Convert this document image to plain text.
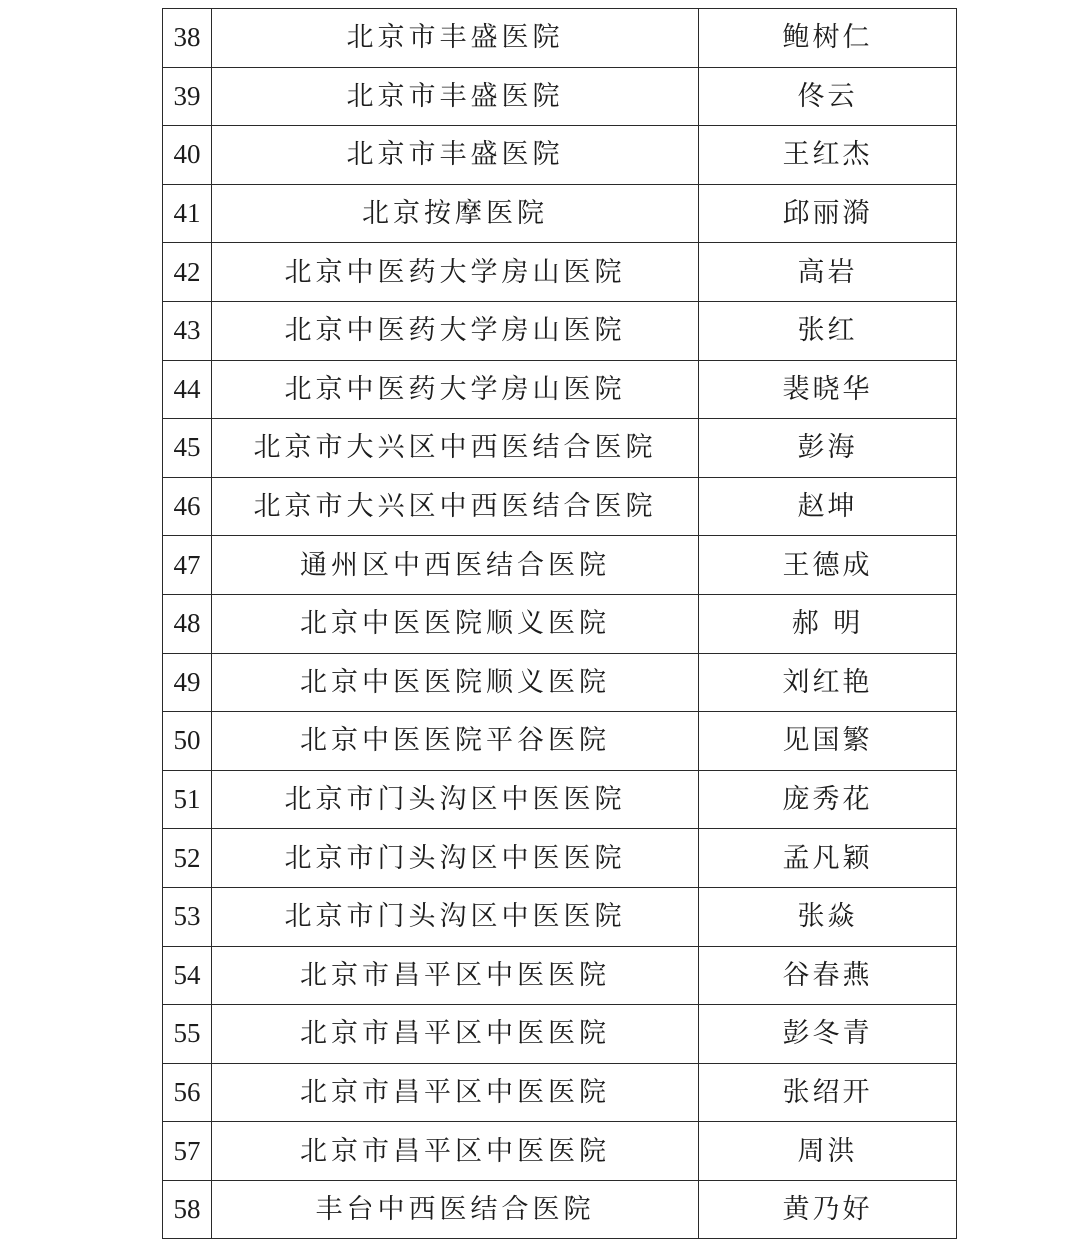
38	北京市丰盛医院	鲍树仁
39	北京市丰盛医院	佟云
40	北京市丰盛医院	王红杰
41	北京按摩医院	邱丽漪
42	北京中医药大学房山医院	高岩
43	北京中医药大学房山医院	张红
44	北京中医药大学房山医院	裴晓华
45	北京市大兴区中西医结合医院	彭海
46	北京市大兴区中西医结合医院	赵坤
47	通州区中西医结合医院	王德成
48	北京中医医院顺义医院	郝 明
49	北京中医医院顺义医院	刘红艳
50	北京中医医院平谷医院	见国繁
51	北京市门头沟区中医医院	庞秀花
52	北京市门头沟区中医医院	孟凡颖
53	北京市门头沟区中医医院	张焱
54	北京市昌平区中医医院	谷春燕
55	北京市昌平区中医医院	彭冬青
56	北京市昌平区中医医院	张绍开
57	北京市昌平区中医医院	周洪
58	丰台中西医结合医院	黄乃好
